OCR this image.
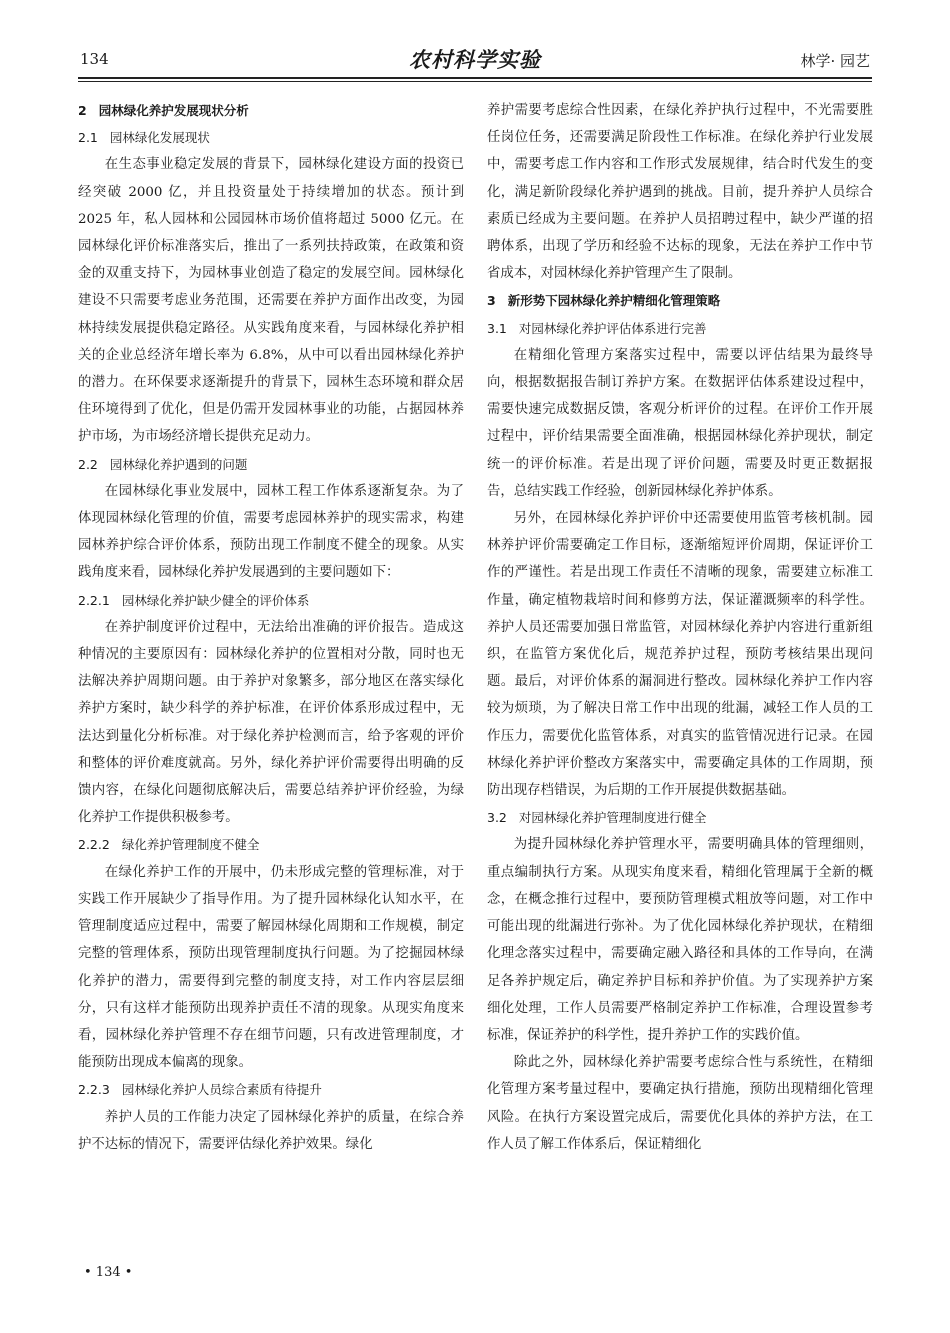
134	农村科学实验	林学· 园艺

2 园林绿化养护发展现状分析

2.1 园林绿化发展现状

在生态事业稳定发展的背景下，园林绿化建设方面的投资已经突破 2000 亿，并且投资量处于持续增加的状态。预计到 2025 年，私人园林和公园园林市场价值将超过 5000 亿元。在园林绿化评价标准落实后，推出了一系列扶持政策，在政策和资金的双重支持下，为园林事业创造了稳定的发展空间。园林绿化建设不只需要考虑业务范围，还需要在养护方面作出改变，为园林持续发展提供稳定路径。从实践角度来看，与园林绿化养护相关的企业总经济年增长率为 6.8%，从中可以看出园林绿化养护的潜力。在环保要求逐渐提升的背景下，园林生态环境和群众居住环境得到了优化，但是仍需开发园林事业的功能，占据园林养护市场，为市场经济增长提供充足动力。

2.2 园林绿化养护遇到的问题

在园林绿化事业发展中，园林工程工作体系逐渐复杂。为了体现园林绿化管理的价值，需要考虑园林养护的现实需求，构建园林养护综合评价体系，预防出现工作制度不健全的现象。从实践角度来看，园林绿化养护发展遇到的主要问题如下：

2.2.1 园林绿化养护缺少健全的评价体系

在养护制度评价过程中，无法给出准确的评价报告。造成这种情况的主要原因有：园林绿化养护的位置相对分散，同时也无法解决养护周期问题。由于养护对象繁多，部分地区在落实绿化养护方案时，缺少科学的养护标准，在评价体系形成过程中，无法达到量化分析标准。对于绿化养护检测而言，给予客观的评价和整体的评价难度就高。另外，绿化养护评价需要得出明确的反馈内容，在绿化问题彻底解决后，需要总结养护评价经验，为绿化养护工作提供积极参考。

2.2.2 绿化养护管理制度不健全

在绿化养护工作的开展中，仍未形成完整的管理标准，对于实践工作开展缺少了指导作用。为了提升园林绿化认知水平，在管理制度适应过程中，需要了解园林绿化周期和工作规模，制定完整的管理体系，预防出现管理制度执行问题。为了挖掘园林绿化养护的潜力，需要得到完整的制度支持，对工作内容层层细分，只有这样才能预防出现养护责任不清的现象。从现实角度来看，园林绿化养护管理不存在细节问题，只有改进管理制度，才能预防出现成本偏离的现象。

2.2.3 园林绿化养护人员综合素质有待提升

养护人员的工作能力决定了园林绿化养护的质量，在综合养护不达标的情况下，需要评估绿化养护效果。绿化

养护需要考虑综合性因素，在绿化养护执行过程中，不光需要胜任岗位任务，还需要满足阶段性工作标准。在绿化养护行业发展中，需要考虑工作内容和工作形式发展规律，结合时代发生的变化，满足新阶段绿化养护遇到的挑战。目前，提升养护人员综合素质已经成为主要问题。在养护人员招聘过程中，缺少严谨的招聘体系，出现了学历和经验不达标的现象，无法在养护工作中节省成本，对园林绿化养护管理产生了限制。

3 新形势下园林绿化养护精细化管理策略

3.1 对园林绿化养护评估体系进行完善

在精细化管理方案落实过程中，需要以评估结果为最终导向，根据数据报告制订养护方案。在数据评估体系建设过程中，需要快速完成数据反馈，客观分析评价的过程。在评价工作开展过程中，评价结果需要全面准确，根据园林绿化养护现状，制定统一的评价标准。若是出现了评价问题，需要及时更正数据报告，总结实践工作经验，创新园林绿化养护体系。

另外，在园林绿化养护评价中还需要使用监管考核机制。园林养护评价需要确定工作目标，逐渐缩短评价周期，保证评价工作的严谨性。若是出现工作责任不清晰的现象，需要建立标准工作量，确定植物栽培时间和修剪方法，保证灌溉频率的科学性。养护人员还需要加强日常监管，对园林绿化养护内容进行重新组织，在监管方案优化后，规范养护过程，预防考核结果出现问题。最后，对评价体系的漏洞进行整改。园林绿化养护工作内容较为烦琐，为了解决日常工作中出现的纰漏，减轻工作人员的工作压力，需要优化监管体系，对真实的监管情况进行记录。在园林绿化养护评价整改方案落实中，需要确定具体的工作周期，预防出现存档错误，为后期的工作开展提供数据基础。

3.2 对园林绿化养护管理制度进行健全

为提升园林绿化养护管理水平，需要明确具体的管理细则，重点编制执行方案。从现实角度来看，精细化管理属于全新的概念，在概念推行过程中，要预防管理模式粗放等问题，对工作中可能出现的纰漏进行弥补。为了优化园林绿化养护现状，在精细化理念落实过程中，需要确定融入路径和具体的工作导向，在满足各养护规定后，确定养护目标和养护价值。为了实现养护方案细化处理，工作人员需要严格制定养护工作标准，合理设置参考标准，保证养护的科学性，提升养护工作的实践价值。

除此之外，园林绿化养护需要考虑综合性与系统性，在精细化管理方案考量过程中，要确定执行措施，预防出现精细化管理风险。在执行方案设置完成后，需要优化具体的养护方法，在工作人员了解工作体系后，保证精细化

• 134 •
